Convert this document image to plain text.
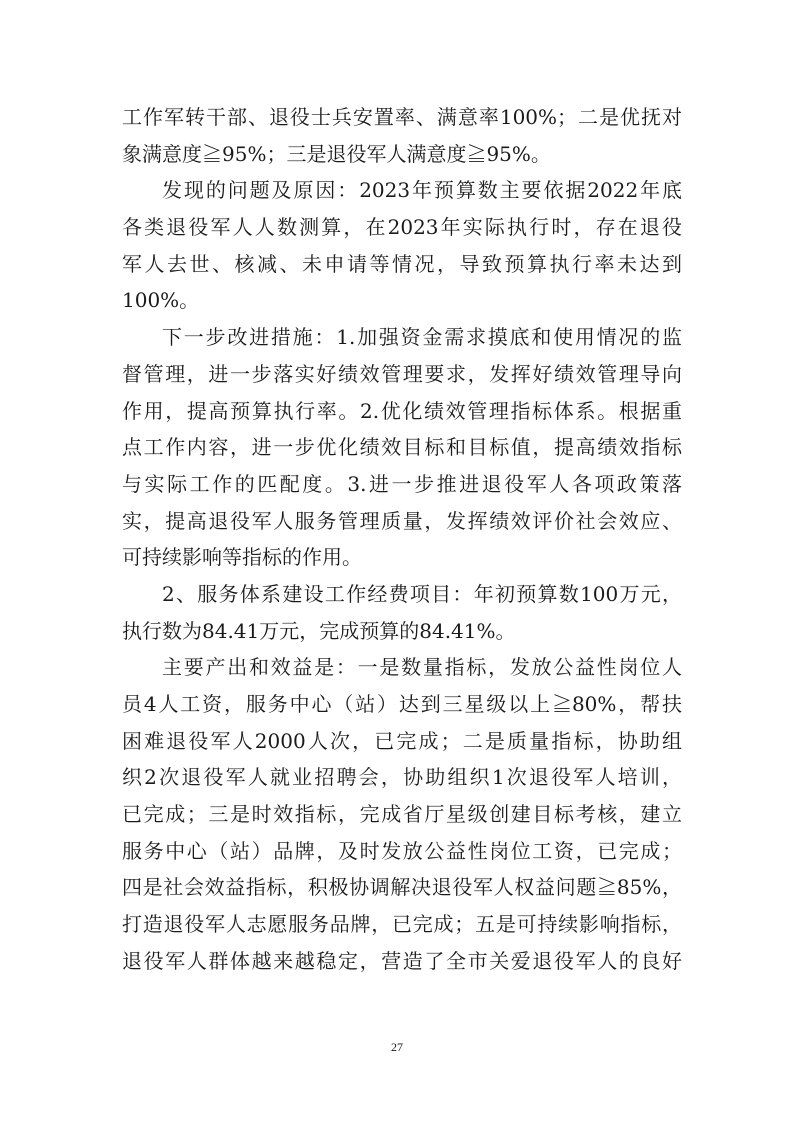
工作军转干部、退役士兵安置率、满意率100%；二是优抚对
象满意度≧95%；三是退役军人满意度≧95%。
发现的问题及原因：2023年预算数主要依据2022年底
各类退役军人人数测算，在2023年实际执行时，存在退役
军人去世、核减、未申请等情况，导致预算执行率未达到
100%。
下一步改进措施：1.加强资金需求摸底和使用情况的监
督管理，进一步落实好绩效管理要求，发挥好绩效管理导向
作用，提高预算执行率。2.优化绩效管理指标体系。根据重
点工作内容，进一步优化绩效目标和目标值，提高绩效指标
与实际工作的匹配度。3.进一步推进退役军人各项政策落
实，提高退役军人服务管理质量，发挥绩效评价社会效应、
可持续影响等指标的作用。
2、服务体系建设工作经费项目：年初预算数100万元，
执行数为84.41万元，完成预算的84.41%。
主要产出和效益是：一是数量指标，发放公益性岗位人
员4人工资，服务中心（站）达到三星级以上≧80%，帮扶
困难退役军人2000人次，已完成；二是质量指标，协助组
织2次退役军人就业招聘会，协助组织1次退役军人培训，
已完成；三是时效指标，完成省厅星级创建目标考核，建立
服务中心（站）品牌，及时发放公益性岗位工资，已完成；
四是社会效益指标，积极协调解决退役军人权益问题≧85%，
打造退役军人志愿服务品牌，已完成；五是可持续影响指标，
退役军人群体越来越稳定，营造了全市关爱退役军人的良好
27
